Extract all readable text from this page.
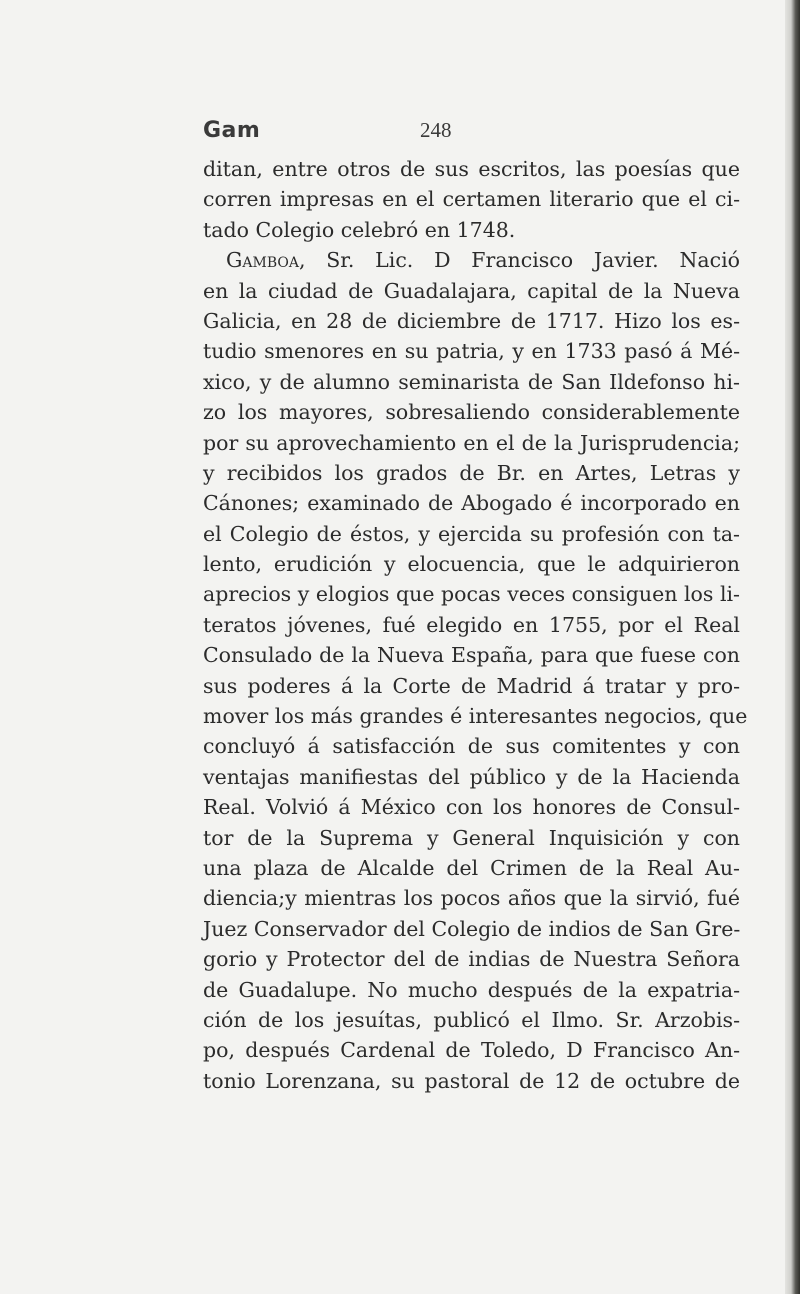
Gam	248
ditan, entre otros de sus escritos, las poesías que
corren impresas en el certamen literario que el ci-
tado Colegio celebró en 1748.
Gamboa, Sr. Lic. D Francisco Javier. Nació
en la ciudad de Guadalajara, capital de la Nueva
Galicia, en 28 de diciembre de 1717. Hizo los es-
tudio smenores en su patria, y en 1733 pasó á Mé-
xico, y de alumno seminarista de San Ildefonso hi-
zo los mayores, sobresaliendo considerablemente
por su aprovechamiento en el de la Jurisprudencia;
y recibidos los grados de Br. en Artes, Letras y
Cánones; examinado de Abogado é incorporado en
el Colegio de éstos, y ejercida su profesión con ta-
lento, erudición y elocuencia, que le adquirieron
aprecios y elogios que pocas veces consiguen los li-
teratos jóvenes, fué elegido en 1755, por el Real
Consulado de la Nueva España, para que fuese con
sus poderes á la Corte de Madrid á tratar y pro-
mover los más grandes é interesantes negocios, que
concluyó á satisfacción de sus comitentes y con
ventajas manifiestas del público y de la Hacienda
Real. Volvió á México con los honores de Consul-
tor de la Suprema y General Inquisición y con
una plaza de Alcalde del Crimen de la Real Au-
diencia;y mientras los pocos años que la sirvió, fué
Juez Conservador del Colegio de indios de San Gre-
gorio y Protector del de indias de Nuestra Señora
de Guadalupe. No mucho después de la expatria-
ción de los jesuítas, publicó el Ilmo. Sr. Arzobis-
po, después Cardenal de Toledo, D Francisco An-
tonio Lorenzana, su pastoral de 12 de octubre de
